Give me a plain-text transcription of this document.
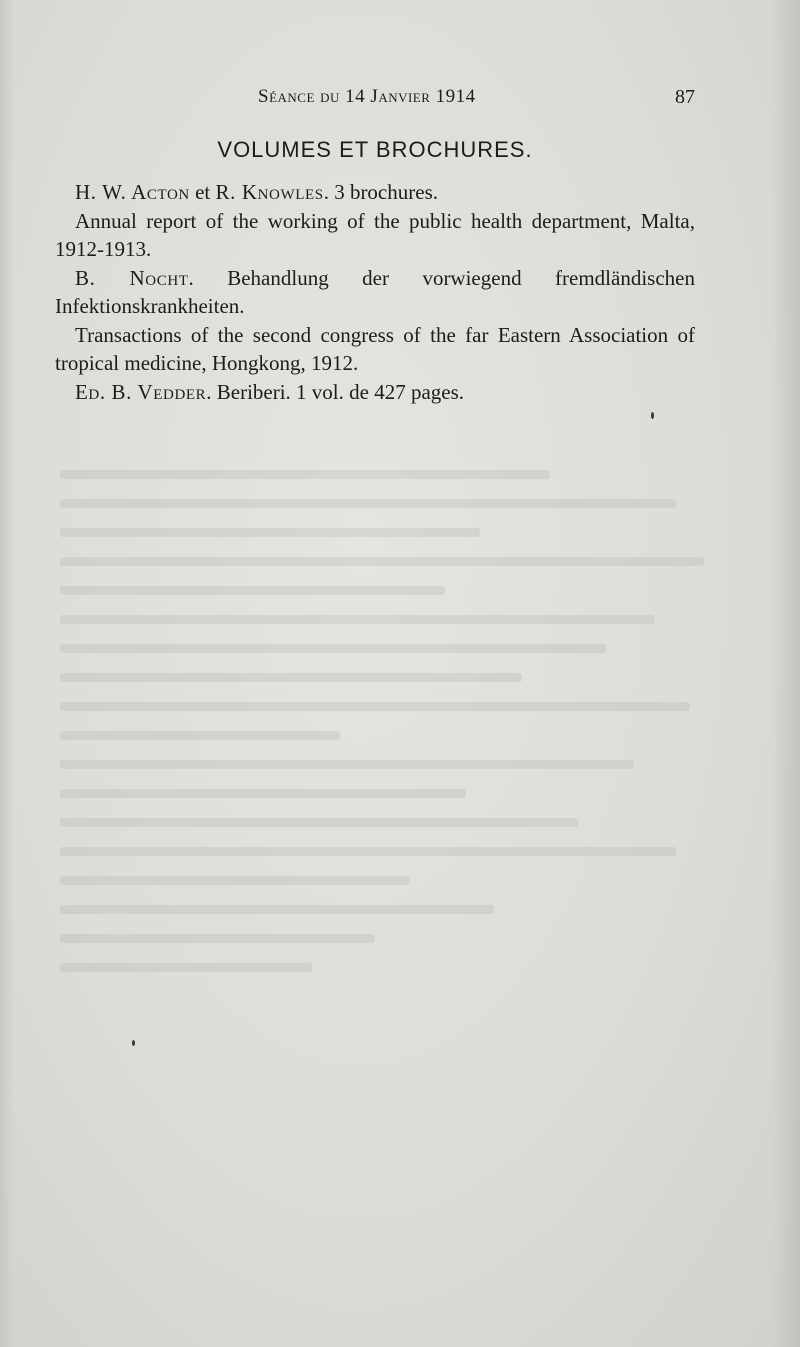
Séance du 14 Janvier 1914	87
VOLUMES ET BROCHURES.

H. W. Acton et R. Knowles. 3 brochures.

Annual report of the working of the public health department, Malta, 1912-1913.

B. Nocht. Behandlung der vorwiegend fremdländischen Infektionskrankheiten.

Transactions of the second congress of the far Eastern Association of tropical medicine, Hongkong, 1912.

Ed. B. Vedder. Beriberi. 1 vol. de 427 pages.
